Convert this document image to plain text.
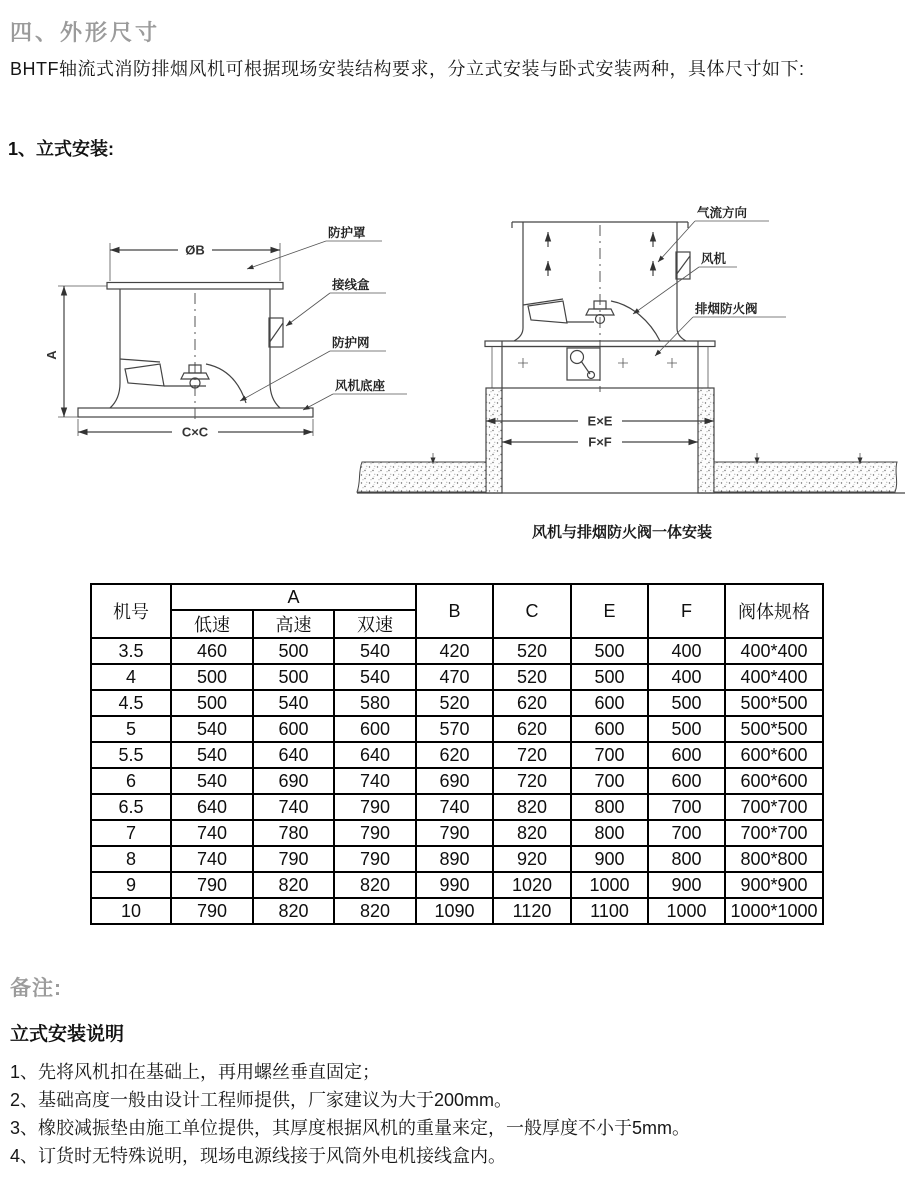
四、外形尺寸
BHTF轴流式消防排烟风机可根据现场安装结构要求，分立式安装与卧式安装两种，具体尺寸如下:
1、立式安装:
ØB
A
C×C
防护罩
接线盒
防护网
风机底座
E×E
F×F
气流方向
风机
排烟防火阀
风机与排烟防火阀一体安装
机号	A			B	C	E	F	阀体规格
	低速	高速	双速					
3.5	460	500	540	420	520	500	400	400*400
4	500	500	540	470	520	500	400	400*400
4.5	500	540	580	520	620	600	500	500*500
5	540	600	600	570	620	600	500	500*500
5.5	540	640	640	620	720	700	600	600*600
6	540	690	740	690	720	700	600	600*600
6.5	640	740	790	740	820	800	700	700*700
7	740	780	790	790	820	800	700	700*700
8	740	790	790	890	920	900	800	800*800
9	790	820	820	990	1020	1000	900	900*900
10	790	820	820	1090	1120	1100	1000	1000*1000
备注:
立式安装说明
1、先将风机扣在基础上，再用螺丝垂直固定；
2、基础高度一般由设计工程师提供，厂家建议为大于200mm。
3、橡胶减振垫由施工单位提供，其厚度根据风机的重量来定，一般厚度不小于5mm。
4、订货时无特殊说明，现场电源线接于风筒外电机接线盒内。
